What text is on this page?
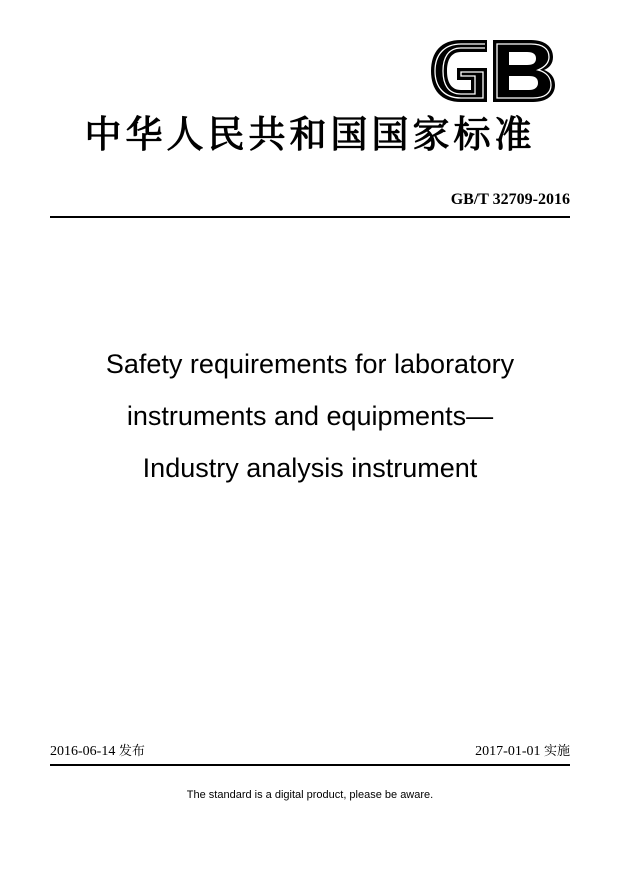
中华人民共和国国家标准
GB/T 32709-2016
Safety requirements for laboratory
instruments and equipments—
Industry analysis instrument
2016-06-14 发布	2017-01-01 实施
The standard is a digital product, please be aware.
